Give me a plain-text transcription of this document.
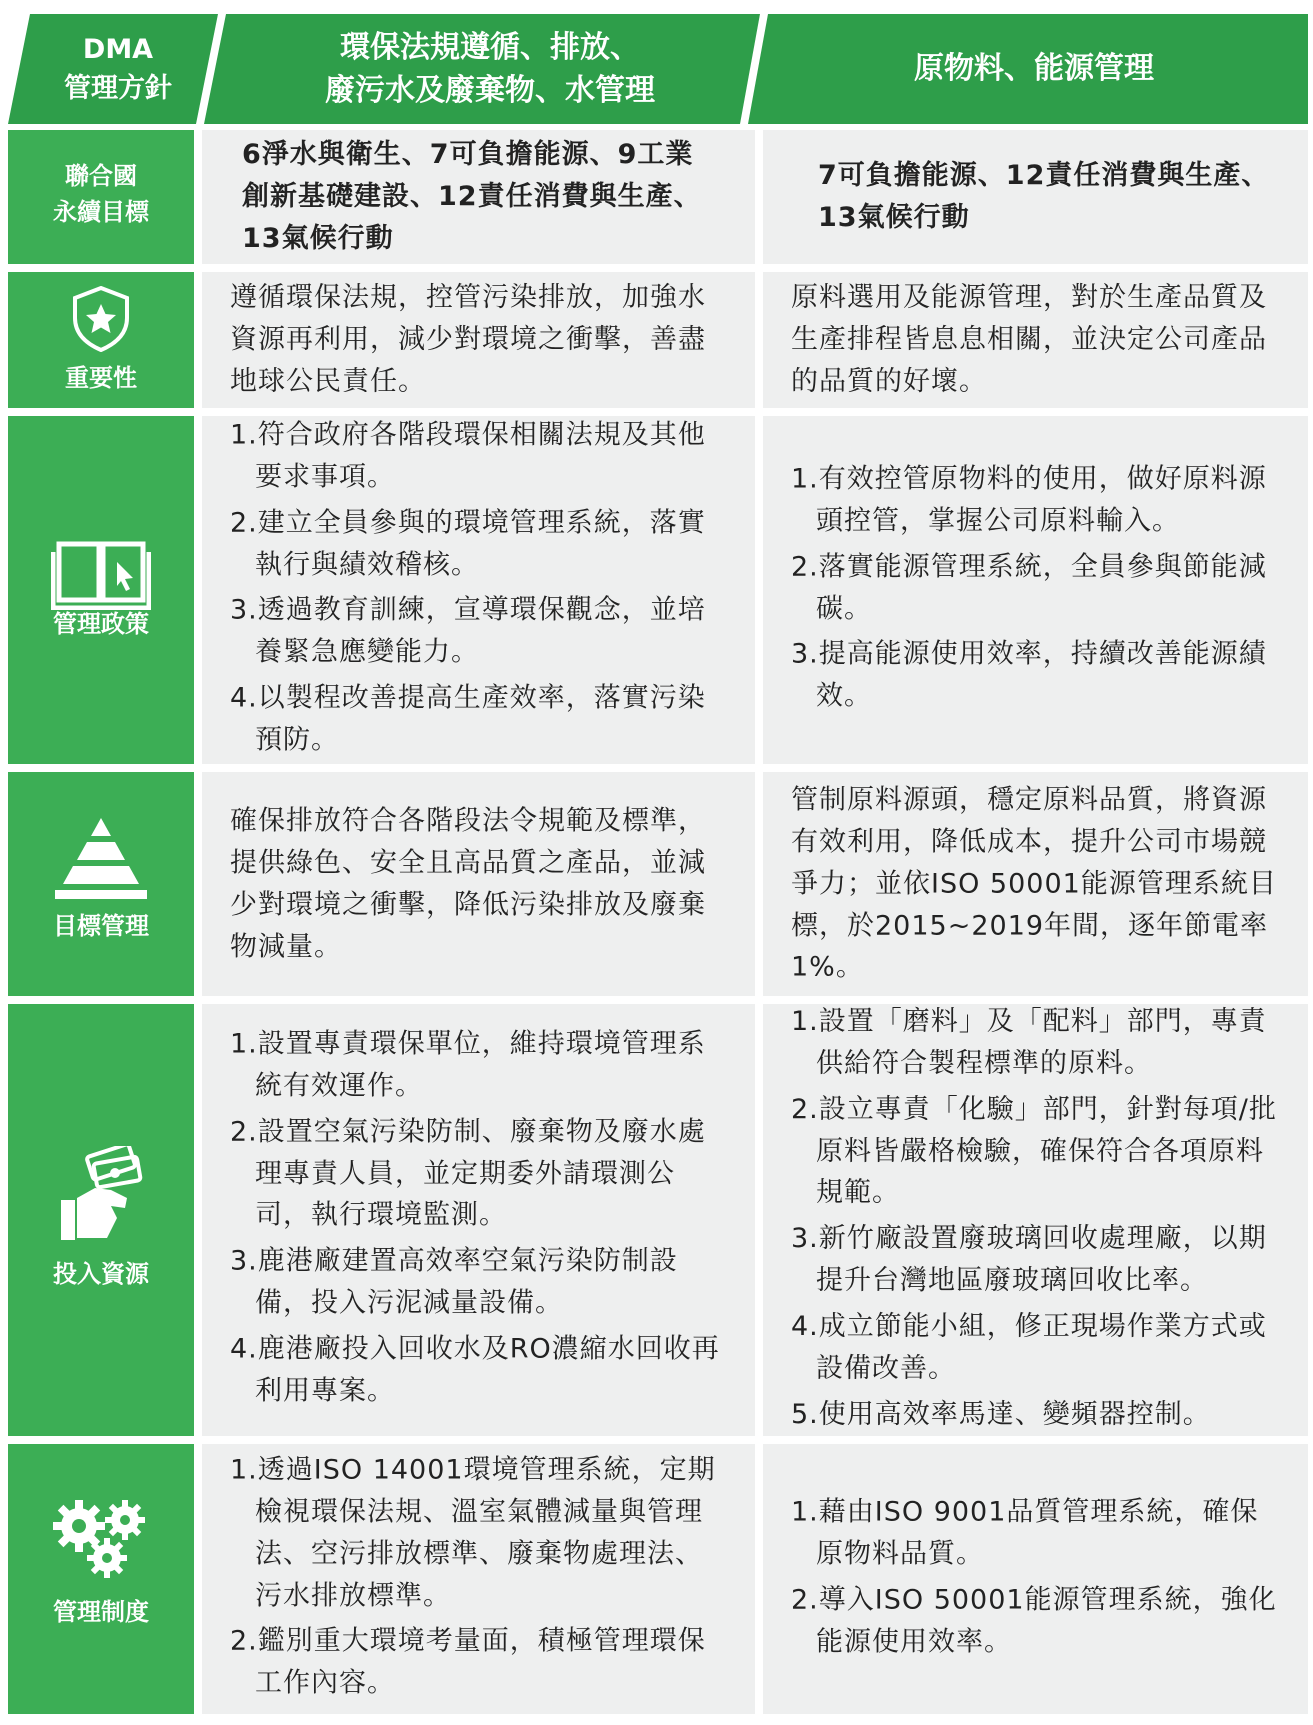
DMA
管理方針
環保法規遵循、排放、
廢污水及廢棄物、水管理
原物料、能源管理
聯合國
永續目標
6淨水與衛生、7可負擔能源、9工業創新基礎建設、12責任消費與生產、13氣候行動
7可負擔能源、12責任消費與生產、13氣候行動
重要性
遵循環保法規，控管污染排放，加強水資源再利用，減少對環境之衝擊，善盡地球公民責任。
原料選用及能源管理，對於生產品質及生產排程皆息息相關，並決定公司產品的品質的好壞。
管理政策
1.符合政府各階段環保相關法規及其他要求事項。
2.建立全員參與的環境管理系統，落實執行與績效稽核。
3.透過教育訓練，宣導環保觀念，並培養緊急應變能力。
4.以製程改善提高生產效率，落實污染預防。
1.有效控管原物料的使用，做好原料源頭控管，掌握公司原料輸入。
2.落實能源管理系統，全員參與節能減碳。
3.提高能源使用效率，持續改善能源績效。
目標管理
確保排放符合各階段法令規範及標準，提供綠色、安全且高品質之產品，並減少對環境之衝擊，降低污染排放及廢棄物減量。
管制原料源頭，穩定原料品質，將資源有效利用，降低成本，提升公司市場競爭力；並依ISO 50001能源管理系統目標，於2015~2019年間，逐年節電率1%。
投入資源
1.設置專責環保單位，維持環境管理系統有效運作。
2.設置空氣污染防制、廢棄物及廢水處理專責人員，並定期委外請環測公司，執行環境監測。
3.鹿港廠建置高效率空氣污染防制設備，投入污泥減量設備。
4.鹿港廠投入回收水及RO濃縮水回收再利用專案。
1.設置「磨料」及「配料」部門，專責供給符合製程標準的原料。
2.設立專責「化驗」部門，針對每項/批原料皆嚴格檢驗，確保符合各項原料規範。
3.新竹廠設置廢玻璃回收處理廠，以期提升台灣地區廢玻璃回收比率。
4.成立節能小組，修正現場作業方式或設備改善。
5.使用高效率馬達、變頻器控制。
管理制度
1.透過ISO 14001環境管理系統，定期檢視環保法規、溫室氣體減量與管理法、空污排放標準、廢棄物處理法、污水排放標準。
2.鑑別重大環境考量面，積極管理環保工作內容。
1.藉由ISO 9001品質管理系統，確保原物料品質。
2.導入ISO 50001能源管理系統，強化能源使用效率。
